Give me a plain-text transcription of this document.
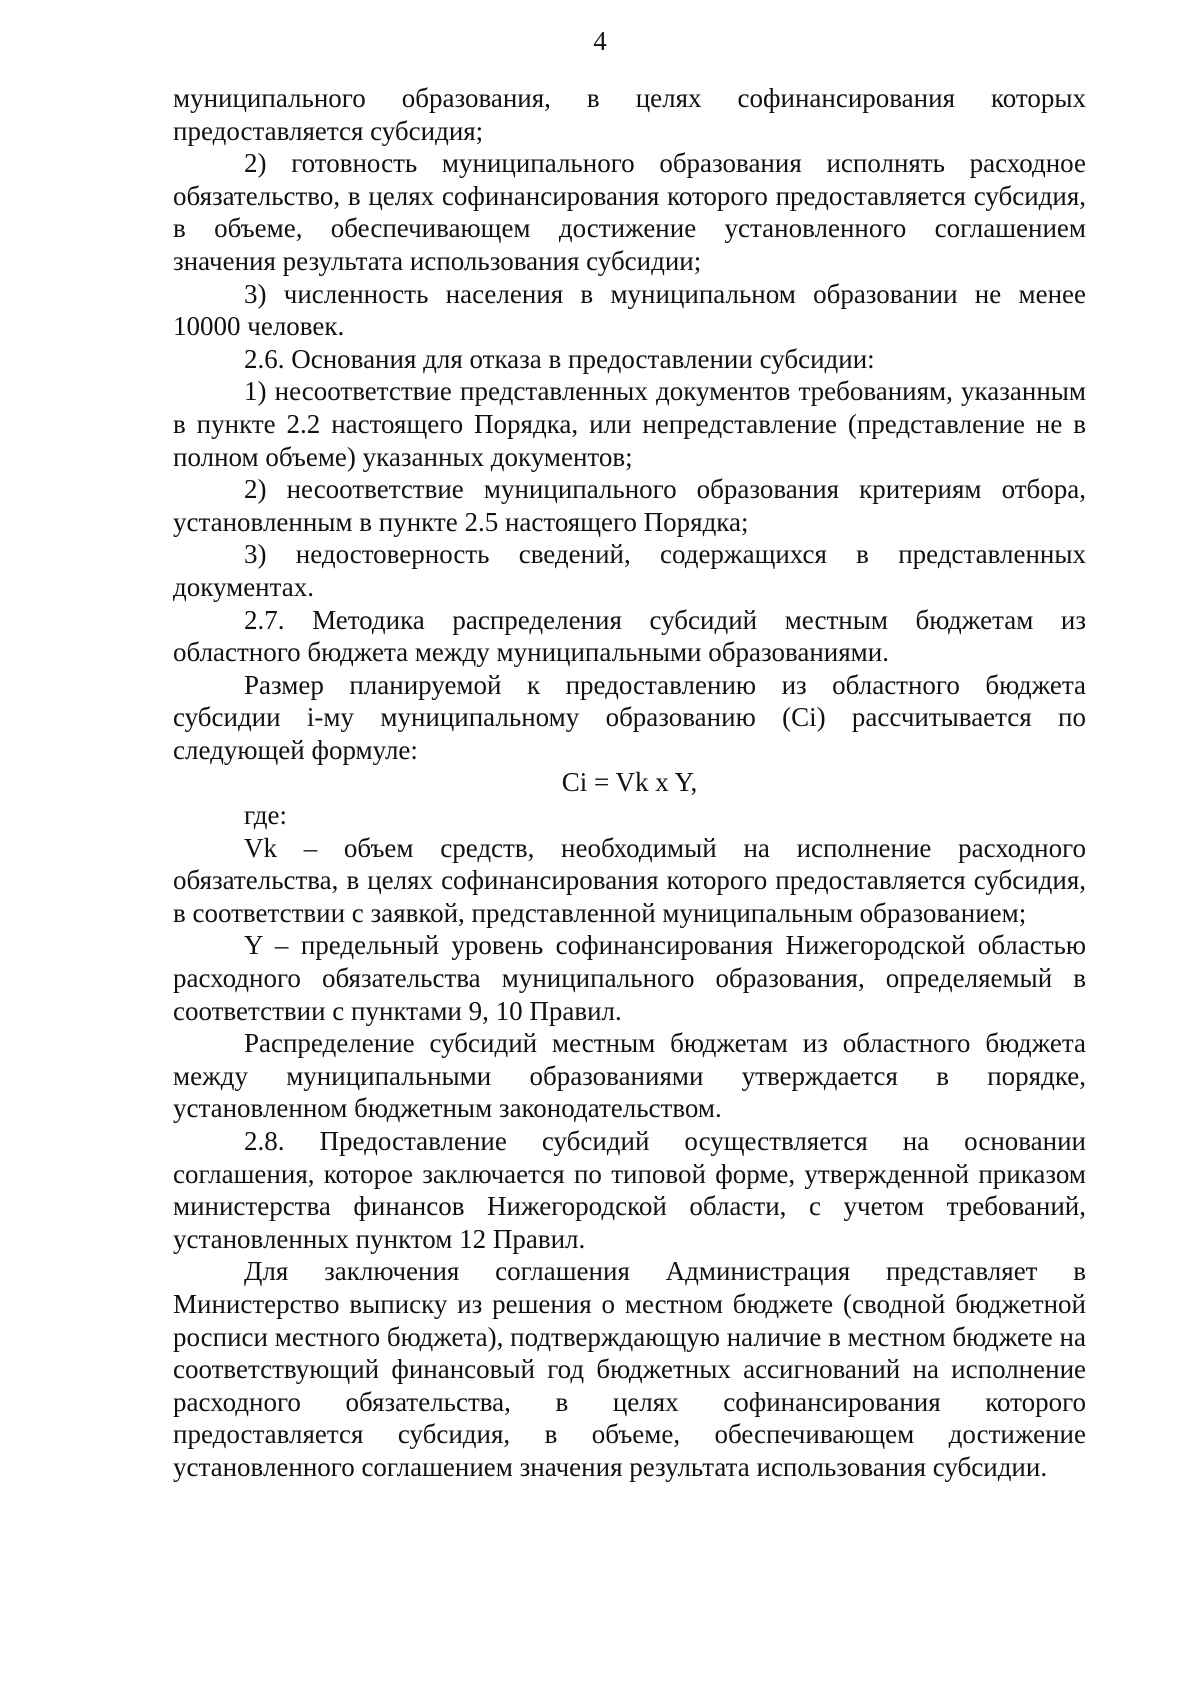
4

муниципального образования, в целях софинансирования которых предоставляется субсидия;

2) готовность муниципального образования исполнять расходное обязательство, в целях софинансирования которого предоставляется субсидия, в объеме, обеспечивающем достижение установленного соглашением значения результата использования субсидии;

3) численность населения в муниципальном образовании не менее 10000 человек.

2.6. Основания для отказа в предоставлении субсидии:

1) несоответствие представленных документов требованиям, указанным в пункте 2.2 настоящего Порядка, или непредставление (представление не в полном объеме) указанных документов;

2) несоответствие муниципального образования критериям отбора, установленным в пункте 2.5 настоящего Порядка;

3) недостоверность сведений, содержащихся в представленных документах.

2.7. Методика распределения субсидий местным бюджетам из областного бюджета между муниципальными образованиями.

Размер планируемой к предоставлению из областного бюджета субсидии i-му муниципальному образованию (Ci) рассчитывается по следующей формуле:

Ci = Vk x Y,

где:

Vk – объем средств, необходимый на исполнение расходного обязательства, в целях софинансирования которого предоставляется субсидия, в соответствии с заявкой, представленной муниципальным образованием;

Y – предельный уровень софинансирования Нижегородской областью расходного обязательства муниципального образования, определяемый в соответствии с пунктами 9, 10 Правил.

Распределение субсидий местным бюджетам из областного бюджета между муниципальными образованиями утверждается в порядке, установленном бюджетным законодательством.

2.8. Предоставление субсидий осуществляется на основании соглашения, которое заключается по типовой форме, утвержденной приказом министерства финансов Нижегородской области, с учетом требований, установленных пунктом 12 Правил.

Для заключения соглашения Администрация представляет в Министерство выписку из решения о местном бюджете (сводной бюджетной росписи местного бюджета), подтверждающую наличие в местном бюджете на соответствующий финансовый год бюджетных ассигнований на исполнение расходного обязательства, в целях софинансирования которого предоставляется субсидия, в объеме, обеспечивающем достижение установленного соглашением значения результата использования субсидии.
